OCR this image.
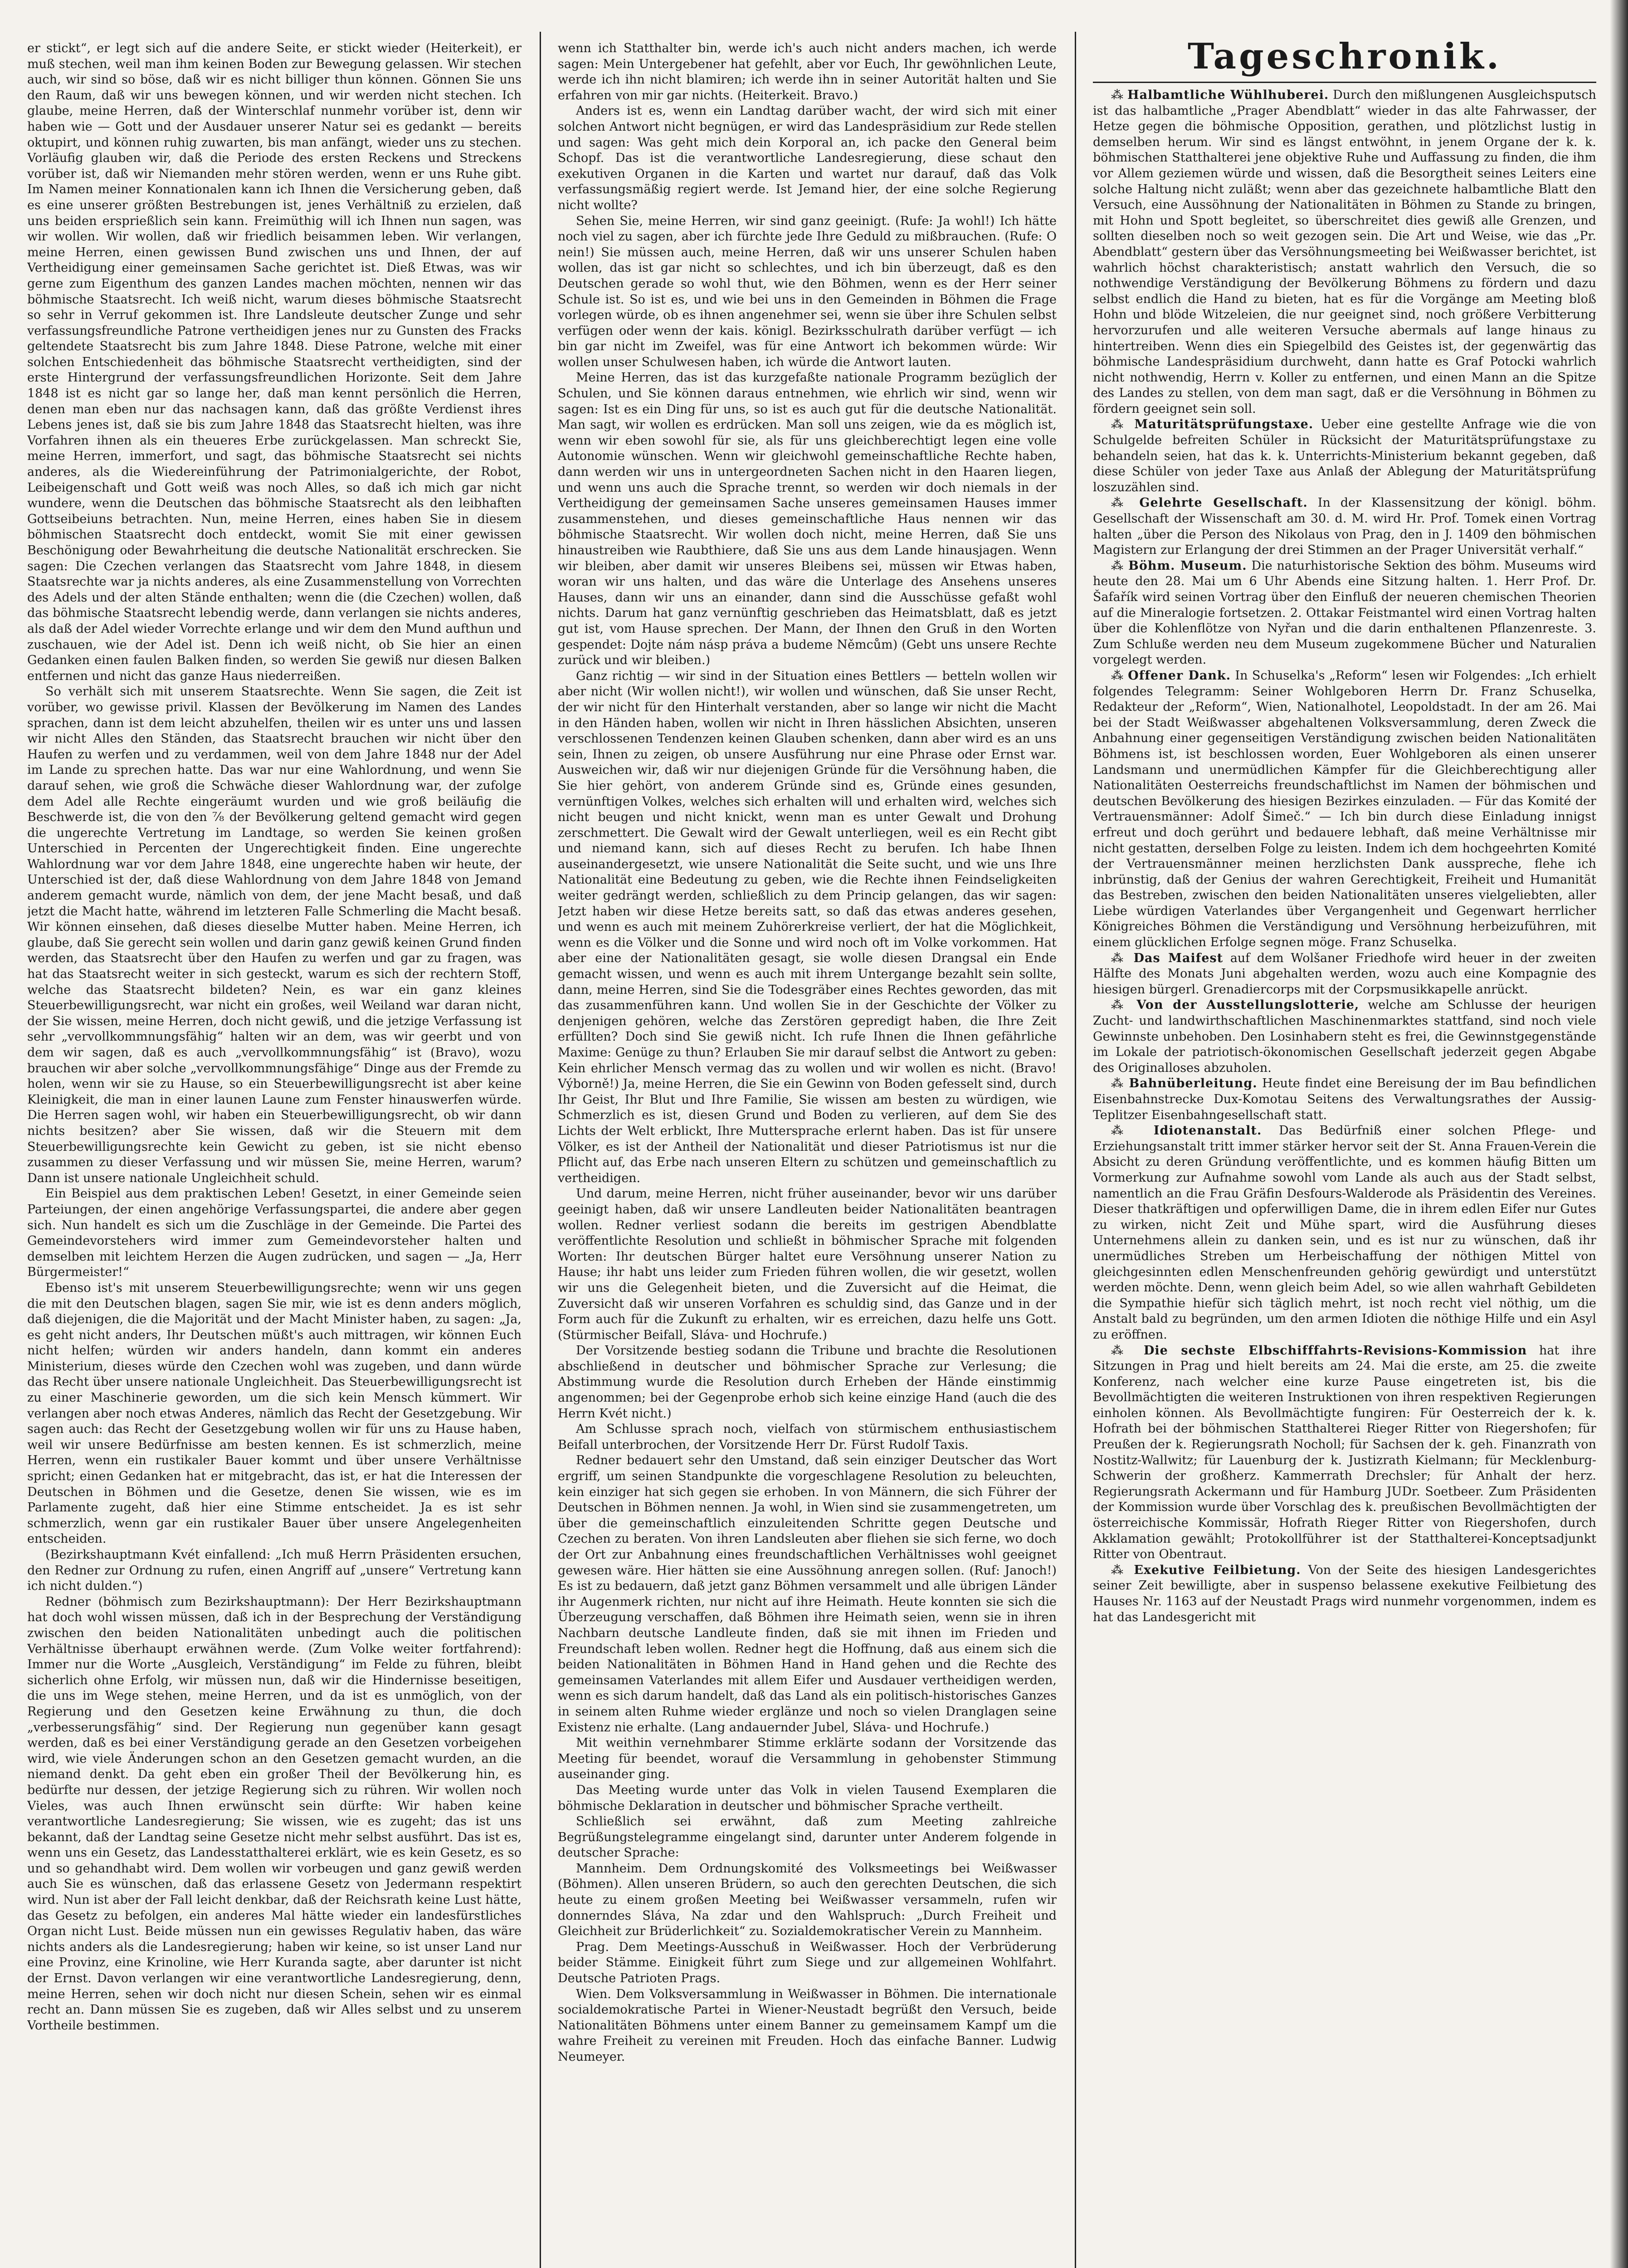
er stickt“, er legt sich auf die andere Seite, er stickt wieder (Heiterkeit), er muß stechen, weil man ihm keinen Boden zur Bewegung gelassen. Wir stechen auch, wir sind so böse, daß wir es nicht billiger thun können. Gönnen Sie uns den Raum, daß wir uns bewegen können, und wir werden nicht stechen. Ich glaube, meine Herren, daß der Winterschlaf nunmehr vorüber ist, denn wir haben wie — Gott und der Ausdauer unserer Natur sei es gedankt — bereits oktupirt, und können ruhig zuwarten, bis man anfängt, wieder uns zu stechen. Vorläufig glauben wir, daß die Periode des ersten Reckens und Streckens vorüber ist, daß wir Niemanden mehr stören werden, wenn er uns Ruhe gibt. Im Namen meiner Konnationalen kann ich Ihnen die Versicherung geben, daß es eine unserer größten Bestrebungen ist, jenes Verhältniß zu erzielen, daß uns beiden ersprießlich sein kann. Freimüthig will ich Ihnen nun sagen, was wir wollen. Wir wollen, daß wir friedlich beisammen leben. Wir verlangen, meine Herren, einen gewissen Bund zwischen uns und Ihnen, der auf Vertheidigung einer gemeinsamen Sache gerichtet ist. Dieß Etwas, was wir gerne zum Eigenthum des ganzen Landes machen möchten, nennen wir das böhmische Staatsrecht. Ich weiß nicht, warum dieses böhmische Staatsrecht so sehr in Verruf gekommen ist. Ihre Landsleute deutscher Zunge und sehr verfassungsfreundliche Patrone vertheidigen jenes nur zu Gunsten des Fracks geltendete Staatsrecht bis zum Jahre 1848. Diese Patrone, welche mit einer solchen Entschiedenheit das böhmische Staatsrecht vertheidigten, sind der erste Hintergrund der verfassungsfreundlichen Horizonte. Seit dem Jahre 1848 ist es nicht gar so lange her, daß man kennt persönlich die Herren, denen man eben nur das nachsagen kann, daß das größte Verdienst ihres Lebens jenes ist, daß sie bis zum Jahre 1848 das Staatsrecht hielten, was ihre Vorfahren ihnen als ein theueres Erbe zurückgelassen. Man schreckt Sie, meine Herren, immerfort, und sagt, das böhmische Staatsrecht sei nichts anderes, als die Wiedereinführung der Patrimonialgerichte, der Robot, Leibeigenschaft und Gott weiß was noch Alles, so daß ich mich gar nicht wundere, wenn die Deutschen das böhmische Staatsrecht als den leibhaften Gottseibeiuns betrachten. Nun, meine Herren, eines haben Sie in diesem böhmischen Staatsrecht doch entdeckt, womit Sie mit einer gewissen Beschönigung oder Bewahrheitung die deutsche Nationalität erschrecken. Sie sagen: Die Czechen verlangen das Staatsrecht vom Jahre 1848, in diesem Staatsrechte war ja nichts anderes, als eine Zusammenstellung von Vorrechten des Adels und der alten Stände enthalten; wenn die (die Czechen) wollen, daß das böhmische Staatsrecht lebendig werde, dann verlangen sie nichts anderes, als daß der Adel wieder Vorrechte erlange und wir dem den Mund aufthun und zuschauen, wie der Adel ist. Denn ich weiß nicht, ob Sie hier an einen Gedanken einen faulen Balken finden, so werden Sie gewiß nur diesen Balken entfernen und nicht das ganze Haus niederreißen.

So verhält sich mit unserem Staatsrechte. Wenn Sie sagen, die Zeit ist vorüber, wo gewisse privil. Klassen der Bevölkerung im Namen des Landes sprachen, dann ist dem leicht abzuhelfen, theilen wir es unter uns und lassen wir nicht Alles den Ständen, das Staatsrecht brauchen wir nicht über den Haufen zu werfen und zu verdammen, weil von dem Jahre 1848 nur der Adel im Lande zu sprechen hatte. Das war nur eine Wahlordnung, und wenn Sie darauf sehen, wie groß die Schwäche dieser Wahlordnung war, der zufolge dem Adel alle Rechte eingeräumt wurden und wie groß beiläufig die Beschwerde ist, die von den ⁷⁄₈ der Bevölkerung geltend gemacht wird gegen die ungerechte Vertretung im Landtage, so werden Sie keinen großen Unterschied in Percenten der Ungerechtigkeit finden. Eine ungerechte Wahlordnung war vor dem Jahre 1848, eine ungerechte haben wir heute, der Unterschied ist der, daß diese Wahlordnung von dem Jahre 1848 von Jemand anderem gemacht wurde, nämlich von dem, der jene Macht besaß, und daß jetzt die Macht hatte, während im letzteren Falle Schmerling die Macht besaß. Wir können einsehen, daß dieses dieselbe Mutter haben. Meine Herren, ich glaube, daß Sie gerecht sein wollen und darin ganz gewiß keinen Grund finden werden, das Staatsrecht über den Haufen zu werfen und gar zu fragen, was hat das Staatsrecht weiter in sich gesteckt, warum es sich der rechtern Stoff, welche das Staatsrecht bildeten? Nein, es war ein ganz kleines Steuerbewilligungsrecht, war nicht ein großes, weil Weiland war daran nicht, der Sie wissen, meine Herren, doch nicht gewiß, und die jetzige Verfassung ist sehr „vervollkommnungsfähig“ halten wir an dem, was wir geerbt und von dem wir sagen, daß es auch „vervollkommnungsfähig“ ist (Bravo), wozu brauchen wir aber solche „vervollkommnungsfähige“ Dinge aus der Fremde zu holen, wenn wir sie zu Hause, so ein Steuerbewilligungsrecht ist aber keine Kleinigkeit, die man in einer launen Laune zum Fenster hinauswerfen würde. Die Herren sagen wohl, wir haben ein Steuerbewilligungsrecht, ob wir dann nichts besitzen? aber Sie wissen, daß wir die Steuern mit dem Steuerbewilligungsrechte kein Gewicht zu geben, ist sie nicht ebenso zusammen zu dieser Verfassung und wir müssen Sie, meine Herren, warum? Dann ist unsere nationale Ungleichheit schuld.

Ein Beispiel aus dem praktischen Leben! Gesetzt, in einer Gemeinde seien Parteiungen, der einen angehörige Verfassungspartei, die andere aber gegen sich. Nun handelt es sich um die Zuschläge in der Gemeinde. Die Partei des Gemeindevorstehers wird immer zum Gemeindevorsteher halten und demselben mit leichtem Herzen die Augen zudrücken, und sagen — „Ja, Herr Bürgermeister!“

Ebenso ist's mit unserem Steuerbewilligungsrechte; wenn wir uns gegen die mit den Deutschen blagen, sagen Sie mir, wie ist es denn anders möglich, daß diejenigen, die die Majorität und der Macht Minister haben, zu sagen: „Ja, es geht nicht anders, Ihr Deutschen müßt's auch mittragen, wir können Euch nicht helfen; würden wir anders handeln, dann kommt ein anderes Ministerium, dieses würde den Czechen wohl was zugeben, und dann würde das Recht über unsere nationale Ungleichheit. Das Steuerbewilligungsrecht ist zu einer Maschinerie geworden, um die sich kein Mensch kümmert. Wir verlangen aber noch etwas Anderes, nämlich das Recht der Gesetzgebung. Wir sagen auch: das Recht der Gesetzgebung wollen wir für uns zu Hause haben, weil wir unsere Bedürfnisse am besten kennen. Es ist schmerzlich, meine Herren, wenn ein rustikaler Bauer kommt und über unsere Verhältnisse spricht; einen Gedanken hat er mitgebracht, das ist, er hat die Interessen der Deutschen in Böhmen und die Gesetze, denen Sie wissen, wie es im Parlamente zugeht, daß hier eine Stimme entscheidet. Ja es ist sehr schmerzlich, wenn gar ein rustikaler Bauer über unsere Angelegenheiten entscheiden.

(Bezirkshauptmann Kvét einfallend: „Ich muß Herrn Präsidenten ersuchen, den Redner zur Ordnung zu rufen, einen Angriff auf „unsere“ Vertretung kann ich nicht dulden.“)

Redner (böhmisch zum Bezirkshauptmann): Der Herr Bezirkshauptmann hat doch wohl wissen müssen, daß ich in der Besprechung der Verständigung zwischen den beiden Nationalitäten unbedingt auch die politischen Verhältnisse überhaupt erwähnen werde. (Zum Volke weiter fortfahrend): Immer nur die Worte „Ausgleich, Verständigung“ im Felde zu führen, bleibt sicherlich ohne Erfolg, wir müssen nun, daß wir die Hindernisse beseitigen, die uns im Wege stehen, meine Herren, und da ist es unmöglich, von der Regierung und den Gesetzen keine Erwähnung zu thun, die doch „verbesserungsfähig“ sind. Der Regierung nun gegenüber kann gesagt werden, daß es bei einer Verständigung gerade an den Gesetzen vorbeigehen wird, wie viele Änderungen schon an den Gesetzen gemacht wurden, an die niemand denkt. Da geht eben ein großer Theil der Bevölkerung hin, es bedürfte nur dessen, der jetzige Regierung sich zu rühren. Wir wollen noch Vieles, was auch Ihnen erwünscht sein dürfte: Wir haben keine verantwortliche Landesregierung; Sie wissen, wie es zugeht; das ist uns bekannt, daß der Landtag seine Gesetze nicht mehr selbst ausführt. Das ist es, wenn uns ein Gesetz, das Landesstatthalterei erklärt, wie es kein Gesetz, es so und so gehandhabt wird. Dem wollen wir vorbeugen und ganz gewiß werden auch Sie es wünschen, daß das erlassene Gesetz von Jedermann respektirt wird. Nun ist aber der Fall leicht denkbar, daß der Reichsrath keine Lust hätte, das Gesetz zu befolgen, ein anderes Mal hätte wieder ein landesfürstliches Organ nicht Lust. Beide müssen nun ein gewisses Regulativ haben, das wäre nichts anders als die Landesregierung; haben wir keine, so ist unser Land nur eine Provinz, eine Krinoline, wie Herr Kuranda sagte, aber darunter ist nicht der Ernst. Davon verlangen wir eine verantwortliche Landesregierung, denn, meine Herren, sehen wir doch nicht nur diesen Schein, sehen wir es einmal recht an. Dann müssen Sie es zugeben, daß wir Alles selbst und zu unserem Vortheile bestimmen.

wenn ich Statthalter bin, werde ich's auch nicht anders machen, ich werde sagen: Mein Untergebener hat gefehlt, aber vor Euch, Ihr gewöhnlichen Leute, werde ich ihn nicht blamiren; ich werde ihn in seiner Autorität halten und Sie erfahren von mir gar nichts. (Heiterkeit. Bravo.)

Anders ist es, wenn ein Landtag darüber wacht, der wird sich mit einer solchen Antwort nicht begnügen, er wird das Landespräsidium zur Rede stellen und sagen: Was geht mich dein Korporal an, ich packe den General beim Schopf. Das ist die verantwortliche Landesregierung, diese schaut den exekutiven Organen in die Karten und wartet nur darauf, daß das Volk verfassungsmäßig regiert werde. Ist Jemand hier, der eine solche Regierung nicht wollte?

Sehen Sie, meine Herren, wir sind ganz geeinigt. (Rufe: Ja wohl!) Ich hätte noch viel zu sagen, aber ich fürchte jede Ihre Geduld zu mißbrauchen. (Rufe: O nein!) Sie müssen auch, meine Herren, daß wir uns unserer Schulen haben wollen, das ist gar nicht so schlechtes, und ich bin überzeugt, daß es den Deutschen gerade so wohl thut, wie den Böhmen, wenn es der Herr seiner Schule ist. So ist es, und wie bei uns in den Gemeinden in Böhmen die Frage vorlegen würde, ob es ihnen angenehmer sei, wenn sie über ihre Schulen selbst verfügen oder wenn der kais. königl. Bezirksschulrath darüber verfügt — ich bin gar nicht im Zweifel, was für eine Antwort ich bekommen würde: Wir wollen unser Schulwesen haben, ich würde die Antwort lauten.

Meine Herren, das ist das kurzgefaßte nationale Programm bezüglich der Schulen, und Sie können daraus entnehmen, wie ehrlich wir sind, wenn wir sagen: Ist es ein Ding für uns, so ist es auch gut für die deutsche Nationalität. Man sagt, wir wollen es erdrücken. Man soll uns zeigen, wie da es möglich ist, wenn wir eben sowohl für sie, als für uns gleichberechtigt legen eine volle Autonomie wünschen. Wenn wir gleichwohl gemeinschaftliche Rechte haben, dann werden wir uns in untergeordneten Sachen nicht in den Haaren liegen, und wenn uns auch die Sprache trennt, so werden wir doch niemals in der Vertheidigung der gemeinsamen Sache unseres gemeinsamen Hauses immer zusammenstehen, und dieses gemeinschaftliche Haus nennen wir das böhmische Staatsrecht. Wir wollen doch nicht, meine Herren, daß Sie uns hinaustreiben wie Raubthiere, daß Sie uns aus dem Lande hinausjagen. Wenn wir bleiben, aber damit wir unseres Bleibens sei, müssen wir Etwas haben, woran wir uns halten, und das wäre die Unterlage des Ansehens unseres Hauses, dann wir uns an einander, dann sind die Ausschüsse gefaßt wohl nichts. Darum hat ganz vernünftig geschrieben das Heimatsblatt, daß es jetzt gut ist, vom Hause sprechen. Der Mann, der Ihnen den Gruß in den Worten gespendet: Dojte nám násp práva a budeme Němcům) (Gebt uns unsere Rechte zurück und wir bleiben.)

Ganz richtig — wir sind in der Situation eines Bettlers — betteln wollen wir aber nicht (Wir wollen nicht!), wir wollen und wünschen, daß Sie unser Recht, der wir nicht für den Hinterhalt verstanden, aber so lange wir nicht die Macht in den Händen haben, wollen wir nicht in Ihren hässlichen Absichten, unseren verschlossenen Tendenzen keinen Glauben schenken, dann aber wird es an uns sein, Ihnen zu zeigen, ob unsere Ausführung nur eine Phrase oder Ernst war. Ausweichen wir, daß wir nur diejenigen Gründe für die Versöhnung haben, die Sie hier gehört, von anderem Gründe sind es, Gründe eines gesunden, vernünftigen Volkes, welches sich erhalten will und erhalten wird, welches sich nicht beugen und nicht knickt, wenn man es unter Gewalt und Drohung zerschmettert. Die Gewalt wird der Gewalt unterliegen, weil es ein Recht gibt und niemand kann, sich auf dieses Recht zu berufen. Ich habe Ihnen auseinandergesetzt, wie unsere Nationalität die Seite sucht, und wie uns Ihre Nationalität eine Bedeutung zu geben, wie die Rechte ihnen Feindseligkeiten weiter gedrängt werden, schließlich zu dem Princip gelangen, das wir sagen: Jetzt haben wir diese Hetze bereits satt, so daß das etwas anderes gesehen, und wenn es auch mit meinem Zuhörerkreise verliert, der hat die Möglichkeit, wenn es die Völker und die Sonne und wird noch oft im Volke vorkommen. Hat aber eine der Nationalitäten gesagt, sie wolle diesen Drangsal ein Ende gemacht wissen, und wenn es auch mit ihrem Untergange bezahlt sein sollte, dann, meine Herren, sind Sie die Todesgräber eines Rechtes geworden, das mit das zusammenführen kann. Und wollen Sie in der Geschichte der Völker zu denjenigen gehören, welche das Zerstören gepredigt haben, die Ihre Zeit erfüllten? Doch sind Sie gewiß nicht. Ich rufe Ihnen die Ihnen gefährliche Maxime: Genüge zu thun? Erlauben Sie mir darauf selbst die Antwort zu geben: Kein ehrlicher Mensch vermag das zu wollen und wir wollen es nicht. (Bravo! Výborně!) Ja, meine Herren, die Sie ein Gewinn von Boden gefesselt sind, durch Ihr Geist, Ihr Blut und Ihre Familie, Sie wissen am besten zu würdigen, wie Schmerzlich es ist, diesen Grund und Boden zu verlieren, auf dem Sie des Lichts der Welt erblickt, Ihre Muttersprache erlernt haben. Das ist für unsere Völker, es ist der Antheil der Nationalität und dieser Patriotismus ist nur die Pflicht auf, das Erbe nach unseren Eltern zu schützen und gemeinschaftlich zu vertheidigen.

Und darum, meine Herren, nicht früher auseinander, bevor wir uns darüber geeinigt haben, daß wir unsere Landleuten beider Nationalitäten beantragen wollen. Redner verliest sodann die bereits im gestrigen Abendblatte veröffentlichte Resolution und schließt in böhmischer Sprache mit folgenden Worten: Ihr deutschen Bürger haltet eure Versöhnung unserer Nation zu Hause; ihr habt uns leider zum Frieden führen wollen, die wir gesetzt, wollen wir uns die Gelegenheit bieten, und die Zuversicht auf die Heimat, die Zuversicht daß wir unseren Vorfahren es schuldig sind, das Ganze und in der Form auch für die Zukunft zu erhalten, wir es erreichen, dazu helfe uns Gott. (Stürmischer Beifall, Sláva- und Hochrufe.)

Der Vorsitzende bestieg sodann die Tribune und brachte die Resolutionen abschließend in deutscher und böhmischer Sprache zur Verlesung; die Abstimmung wurde die Resolution durch Erheben der Hände einstimmig angenommen; bei der Gegenprobe erhob sich keine einzige Hand (auch die des Herrn Kvét nicht.)

Am Schlusse sprach noch, vielfach von stürmischem enthusiastischem Beifall unterbrochen, der Vorsitzende Herr Dr. Fürst Rudolf Taxis.

Redner bedauert sehr den Umstand, daß sein einziger Deutscher das Wort ergriff, um seinen Standpunkte die vorgeschlagene Resolution zu beleuchten, kein einziger hat sich gegen sie erhoben. In von Männern, die sich Führer der Deutschen in Böhmen nennen. Ja wohl, in Wien sind sie zusammengetreten, um über die gemeinschaftlich einzuleitenden Schritte gegen Deutsche und Czechen zu beraten. Von ihren Landsleuten aber fliehen sie sich ferne, wo doch der Ort zur Anbahnung eines freundschaftlichen Verhältnisses wohl geeignet gewesen wäre. Hier hätten sie eine Aussöhnung anregen sollen. (Ruf: Janoch!) Es ist zu bedauern, daß jetzt ganz Böhmen versammelt und alle übrigen Länder ihr Augenmerk richten, nur nicht auf ihre Heimath. Heute konnten sie sich die Überzeugung verschaffen, daß Böhmen ihre Heimath seien, wenn sie in ihren Nachbarn deutsche Landleute finden, daß sie mit ihnen im Frieden und Freundschaft leben wollen. Redner hegt die Hoffnung, daß aus einem sich die beiden Nationalitäten in Böhmen Hand in Hand gehen und die Rechte des gemeinsamen Vaterlandes mit allem Eifer und Ausdauer vertheidigen werden, wenn es sich darum handelt, daß das Land als ein politisch-historisches Ganzes in seinem alten Ruhme wieder erglänze und noch so vielen Dranglagen seine Existenz nie erhalte. (Lang andauernder Jubel, Sláva- und Hochrufe.)

Mit weithin vernehmbarer Stimme erklärte sodann der Vorsitzende das Meeting für beendet, worauf die Versammlung in gehobenster Stimmung auseinander ging.

Das Meeting wurde unter das Volk in vielen Tausend Exemplaren die böhmische Deklaration in deutscher und böhmischer Sprache vertheilt.

Schließlich sei erwähnt, daß zum Meeting zahlreiche Begrüßungstelegramme eingelangt sind, darunter unter Anderem folgende in deutscher Sprache:

Mannheim. Dem Ordnungskomité des Volksmeetings bei Weißwasser (Böhmen). Allen unseren Brüdern, so auch den gerechten Deutschen, die sich heute zu einem großen Meeting bei Weißwasser versammeln, rufen wir donnerndes Sláva, Na zdar und den Wahlspruch: „Durch Freiheit und Gleichheit zur Brüderlichkeit“ zu. Sozialdemokratischer Verein zu Mannheim.

Prag. Dem Meetings-Ausschuß in Weißwasser. Hoch der Verbrüderung beider Stämme. Einigkeit führt zum Siege und zur allgemeinen Wohlfahrt. Deutsche Patrioten Prags.

Wien. Dem Volksversammlung in Weißwasser in Böhmen. Die internationale socialdemokratische Partei in Wiener-Neustadt begrüßt den Versuch, beide Nationalitäten Böhmens unter einem Banner zu gemeinsamem Kampf um die wahre Freiheit zu vereinen mit Freuden. Hoch das einfache Banner. Ludwig Neumeyer.

Tageschronik.

⁂ Halbamtliche Wühlhuberei. Durch den mißlungenen Ausgleichsputsch ist das halbamtliche „Prager Abendblatt“ wieder in das alte Fahrwasser, der Hetze gegen die böhmische Opposition, gerathen, und plötzlichst lustig in demselben herum. Wir sind es längst entwöhnt, in jenem Organe der k. k. böhmischen Statthalterei jene objektive Ruhe und Auffassung zu finden, die ihm vor Allem geziemen würde und wissen, daß die Besorgtheit seines Leiters eine solche Haltung nicht zuläßt; wenn aber das gezeichnete halbamtliche Blatt den Versuch, eine Aussöhnung der Nationalitäten in Böhmen zu Stande zu bringen, mit Hohn und Spott begleitet, so überschreitet dies gewiß alle Grenzen, und sollten dieselben noch so weit gezogen sein. Die Art und Weise, wie das „Pr. Abendblatt“ gestern über das Versöhnungsmeeting bei Weißwasser berichtet, ist wahrlich höchst charakteristisch; anstatt wahrlich den Versuch, die so nothwendige Verständigung der Bevölkerung Böhmens zu fördern und dazu selbst endlich die Hand zu bieten, hat es für die Vorgänge am Meeting bloß Hohn und blöde Witzeleien, die nur geeignet sind, noch größere Verbitterung hervorzurufen und alle weiteren Versuche abermals auf lange hinaus zu hintertreiben. Wenn dies ein Spiegelbild des Geistes ist, der gegenwärtig das böhmische Landespräsidium durchweht, dann hatte es Graf Potocki wahrlich nicht nothwendig, Herrn v. Koller zu entfernen, und einen Mann an die Spitze des Landes zu stellen, von dem man sagt, daß er die Versöhnung in Böhmen zu fördern geeignet sein soll.

⁂ Maturitätsprüfungstaxe. Ueber eine gestellte Anfrage wie die von Schulgelde befreiten Schüler in Rücksicht der Maturitätsprüfungstaxe zu behandeln seien, hat das k. k. Unterrichts-Ministerium bekannt gegeben, daß diese Schüler von jeder Taxe aus Anlaß der Ablegung der Maturitätsprüfung loszuzählen sind.

⁂ Gelehrte Gesellschaft. In der Klassensitzung der königl. böhm. Gesellschaft der Wissenschaft am 30. d. M. wird Hr. Prof. Tomek einen Vortrag halten „über die Person des Nikolaus von Prag, den in J. 1409 den böhmischen Magistern zur Erlangung der drei Stimmen an der Prager Universität verhalf.“

⁂ Böhm. Museum. Die naturhistorische Sektion des böhm. Museums wird heute den 28. Mai um 6 Uhr Abends eine Sitzung halten. 1. Herr Prof. Dr. Šafařík wird seinen Vortrag über den Einfluß der neueren chemischen Theorien auf die Mineralogie fortsetzen. 2. Ottakar Feistmantel wird einen Vortrag halten über die Kohlenflötze von Nyřan und die darin enthaltenen Pflanzenreste. 3. Zum Schluße werden neu dem Museum zugekommene Bücher und Naturalien vorgelegt werden.

⁂ Offener Dank. In Schuselka's „Reform“ lesen wir Folgendes: „Ich erhielt folgendes Telegramm: Seiner Wohlgeboren Herrn Dr. Franz Schuselka, Redakteur der „Reform“, Wien, Nationalhotel, Leopoldstadt. In der am 26. Mai bei der Stadt Weißwasser abgehaltenen Volksversammlung, deren Zweck die Anbahnung einer gegenseitigen Verständigung zwischen beiden Nationalitäten Böhmens ist, ist beschlossen worden, Euer Wohlgeboren als einen unserer Landsmann und unermüdlichen Kämpfer für die Gleichberechtigung aller Nationalitäten Oesterreichs freundschaftlichst im Namen der böhmischen und deutschen Bevölkerung des hiesigen Bezirkes einzuladen. — Für das Komité der Vertrauensmänner: Adolf Šimeč.“ — Ich bin durch diese Einladung innigst erfreut und doch gerührt und bedauere lebhaft, daß meine Verhältnisse mir nicht gestatten, derselben Folge zu leisten. Indem ich dem hochgeehrten Komité der Vertrauensmänner meinen herzlichsten Dank ausspreche, flehe ich inbrünstig, daß der Genius der wahren Gerechtigkeit, Freiheit und Humanität das Bestreben, zwischen den beiden Nationalitäten unseres vielgeliebten, aller Liebe würdigen Vaterlandes über Vergangenheit und Gegenwart herrlicher Königreiches Böhmen die Verständigung und Versöhnung herbeizuführen, mit einem glücklichen Erfolge segnen möge. Franz Schuselka.

⁂ Das Maifest auf dem Wolšaner Friedhofe wird heuer in der zweiten Hälfte des Monats Juni abgehalten werden, wozu auch eine Kompagnie des hiesigen bürgerl. Grenadiercorps mit der Corpsmusikkapelle anrückt.

⁂ Von der Ausstellungslotterie, welche am Schlusse der heurigen Zucht- und landwirthschaftlichen Maschinenmarktes stattfand, sind noch viele Gewinnste unbehoben. Den Losinhabern steht es frei, die Gewinnstgegenstände im Lokale der patriotisch-ökonomischen Gesellschaft jederzeit gegen Abgabe des Originalloses abzuholen.

⁂ Bahnüberleitung. Heute findet eine Bereisung der im Bau befindlichen Eisenbahnstrecke Dux-Komotau Seitens des Verwaltungsrathes der Aussig-Teplitzer Eisenbahngesellschaft statt.

⁂ Idiotenanstalt. Das Bedürfniß einer solchen Pflege- und Erziehungsanstalt tritt immer stärker hervor seit der St. Anna Frauen-Verein die Absicht zu deren Gründung veröffentlichte, und es kommen häufig Bitten um Vormerkung zur Aufnahme sowohl vom Lande als auch aus der Stadt selbst, namentlich an die Frau Gräfin Desfours-Walderode als Präsidentin des Vereines. Dieser thatkräftigen und opferwilligen Dame, die in ihrem edlen Eifer nur Gutes zu wirken, nicht Zeit und Mühe spart, wird die Ausführung dieses Unternehmens allein zu danken sein, und es ist nur zu wünschen, daß ihr unermüdliches Streben um Herbeischaffung der nöthigen Mittel von gleichgesinnten edlen Menschenfreunden gehörig gewürdigt und unterstützt werden möchte. Denn, wenn gleich beim Adel, so wie allen wahrhaft Gebildeten die Sympathie hiefür sich täglich mehrt, ist noch recht viel nöthig, um die Anstalt bald zu begründen, um den armen Idioten die nöthige Hilfe und ein Asyl zu eröffnen.

⁂ Die sechste Elbschifffahrts-Revisions-Kommission hat ihre Sitzungen in Prag und hielt bereits am 24. Mai die erste, am 25. die zweite Konferenz, nach welcher eine kurze Pause eingetreten ist, bis die Bevollmächtigten die weiteren Instruktionen von ihren respektiven Regierungen einholen können. Als Bevollmächtigte fungiren: Für Oesterreich der k. k. Hofrath bei der böhmischen Statthalterei Rieger Ritter von Riegershofen; für Preußen der k. Regierungsrath Nocholl; für Sachsen der k. geh. Finanzrath von Nostitz-Wallwitz; für Lauenburg der k. Justizrath Kielmann; für Mecklenburg-Schwerin der großherz. Kammerrath Drechsler; für Anhalt der herz. Regierungsrath Ackermann und für Hamburg JUDr. Soetbeer. Zum Präsidenten der Kommission wurde über Vorschlag des k. preußischen Bevollmächtigten der österreichische Kommissär, Hofrath Rieger Ritter von Riegershofen, durch Akklamation gewählt; Protokollführer ist der Statthalterei-Konceptsadjunkt Ritter von Obentraut.

⁂ Exekutive Feilbietung. Von der Seite des hiesigen Landesgerichtes seiner Zeit bewilligte, aber in suspenso belassene exekutive Feilbietung des Hauses Nr. 1163 auf der Neustadt Prags wird nunmehr vorgenommen, indem es hat das Landesgericht mit
